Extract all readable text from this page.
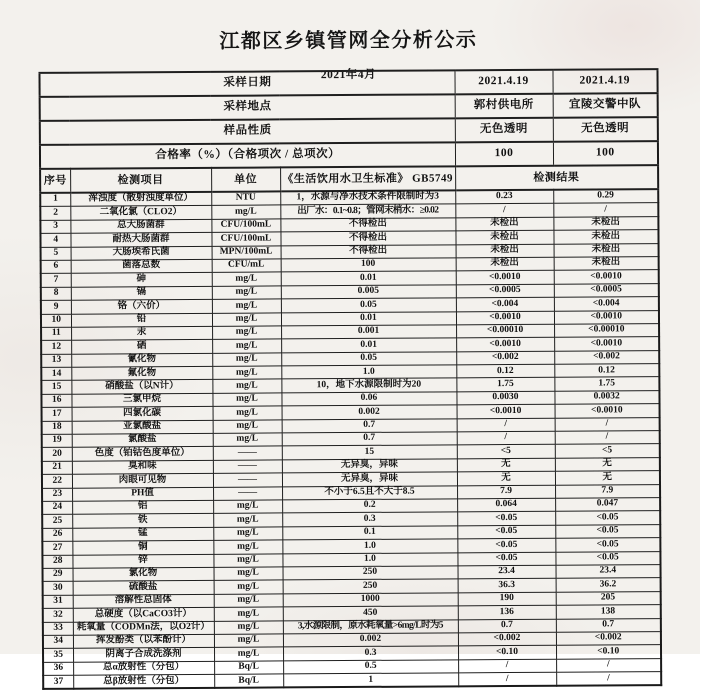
江都区乡镇管网全分析公示
2021年4月
采样日期				2021.4.19	2021.4.19
采样地点				郭村供电所	宜陵交警中队
样品性质				无色透明	无色透明
合格率（%）（合格项次 / 总项次）				100	100
序号	检测项目	单位	《生活饮用水卫生标准》 GB5749	检测结果	
1	浑浊度（散射浊度单位）	NTU	1，水源与净水技术条件限制时为3	0.23	0.29
2	二氧化氯（CLO2）	mg/L	出厂水：0.1~0.8；管网末梢水：≥0.02	/	/
3	总大肠菌群	CFU/100mL	不得检出	未检出	未检出
4	耐热大肠菌群	CFU/100mL	不得检出	未检出	未检出
5	大肠埃希氏菌	MPN/100mL	不得检出	未检出	未检出
6	菌落总数	CFU/mL	100	未检出	未检出
7	砷	mg/L	0.01	<0.0010	<0.0010
8	镉	mg/L	0.005	<0.0005	<0.0005
9	铬（六价）	mg/L	0.05	<0.004	<0.004
10	铅	mg/L	0.01	<0.0010	<0.0010
11	汞	mg/L	0.001	<0.00010	<0.00010
12	硒	mg/L	0.01	<0.0010	<0.0010
13	氰化物	mg/L	0.05	<0.002	<0.002
14	氟化物	mg/L	1.0	0.12	0.12
15	硝酸盐（以N计）	mg/L	10，地下水源限制时为20	1.75	1.75
16	三氯甲烷	mg/L	0.06	0.0030	0.0032
17	四氯化碳	mg/L	0.002	<0.0010	<0.0010
18	亚氯酸盐	mg/L	0.7	/	/
19	氯酸盐	mg/L	0.7	/	/
20	色度（铂钴色度单位）	——	15	<5	<5
21	臭和味	——	无异臭，异味	无	无
22	肉眼可见物	——	无异臭，异味	无	无
23	PH值	——	不小于6.5且不大于8.5	7.9	7.9
24	铝	mg/L	0.2	0.064	0.047
25	铁	mg/L	0.3	<0.05	<0.05
26	锰	mg/L	0.1	<0.05	<0.05
27	铜	mg/L	1.0	<0.05	<0.05
28	锌	mg/L	1.0	<0.05	<0.05
29	氯化物	mg/L	250	23.4	23.4
30	硫酸盐	mg/L	250	36.3	36.2
31	溶解性总固体	mg/L	1000	190	205
32	总硬度（以CaCO3计）	mg/L	450	136	138
33	耗氧量（CODMn法，以O2计）	mg/L	3,水源限制，原水耗氧量>6mg/L时为5	0.7	0.7
34	挥发酚类（以苯酚计）	mg/L	0.002	<0.002	<0.002
35	阴离子合成洗涤剂	mg/L	0.3	<0.10	<0.10
36	总α放射性（分包）	Bq/L	0.5	/	/
37	总β放射性（分包）	Bq/L	1	/	/
